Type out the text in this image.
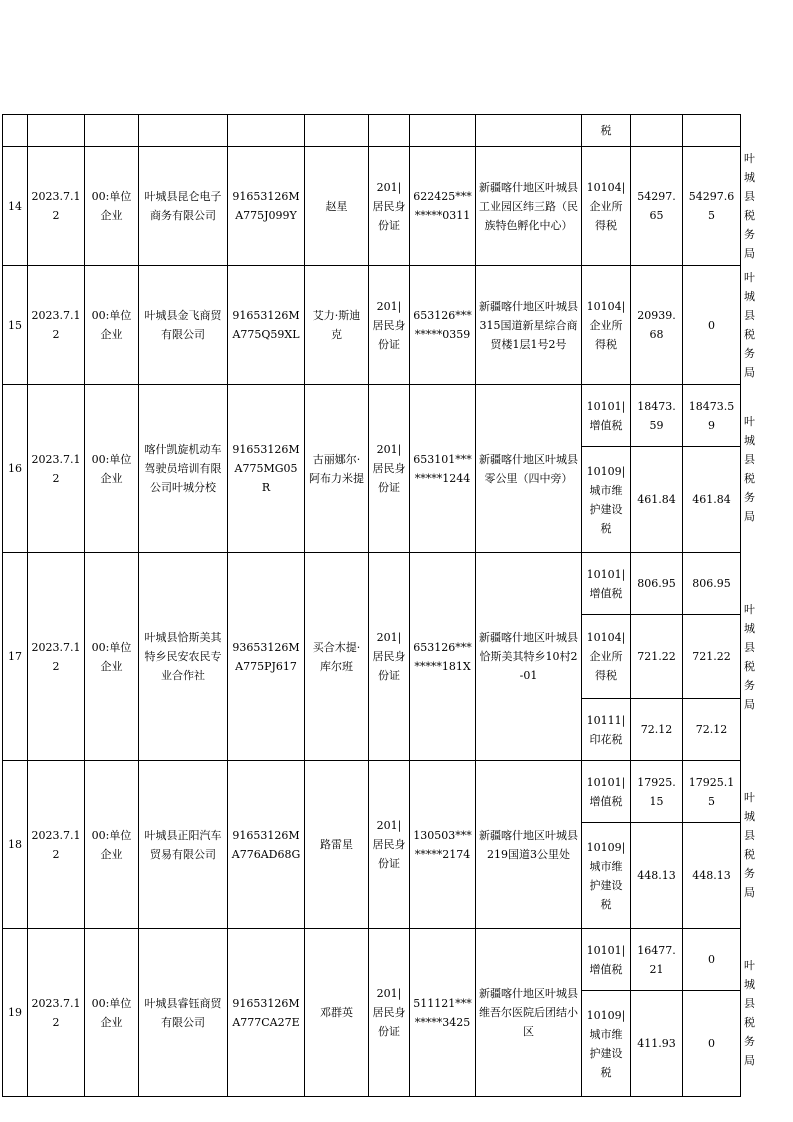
									税			
14	2023.7.12	00:单位企业	叶城县昆仑电子商务有限公司	91653126MA775J099Y	赵星	201|居民身份证	622425********0311	新疆喀什地区叶城县工业园区纬三路（民族特色孵化中心）	10104|企业所得税	54297.65	54297.65	叶城县税务局
15	2023.7.12	00:单位企业	叶城县金飞商贸有限公司	91653126MA775Q59XL	艾力·斯迪克	201|居民身份证	653126********0359	新疆喀什地区叶城县315国道新星综合商贸楼1层1号2号	10104|企业所得税	20939.68	0	叶城县税务局
16	2023.7.12	00:单位企业	喀什凯旋机动车驾驶员培训有限公司叶城分校	91653126MA775MG05R	古丽娜尔·阿布力米提	201|居民身份证	653101********1244	新疆喀什地区叶城县零公里（四中旁）	10101|增值税	18473.59	18473.59	叶城县税务局
									10109|城市维护建设税	461.84	461.84	
17	2023.7.12	00:单位企业	叶城县恰斯美其特乡民安农民专业合作社	93653126MA775PJ617	买合木提·库尔班	201|居民身份证	653126********181X	新疆喀什地区叶城县恰斯美其特乡10村2-01	10101|增值税	806.95	806.95	叶城县税务局
									10104|企业所得税	721.22	721.22	
									10111|印花税	72.12	72.12	
18	2023.7.12	00:单位企业	叶城县正阳汽车贸易有限公司	91653126MA776AD68G	路雷星	201|居民身份证	130503********2174	新疆喀什地区叶城县219国道3公里处	10101|增值税	17925.15	17925.15	叶城县税务局
									10109|城市维护建设税	448.13	448.13	
19	2023.7.12	00:单位企业	叶城县睿钰商贸有限公司	91653126MA777CA27E	邓群英	201|居民身份证	511121********3425	新疆喀什地区叶城县维吾尔医院后团结小区	10101|增值税	16477.21	0	叶城县税务局
									10109|城市维护建设税	411.93	0	
